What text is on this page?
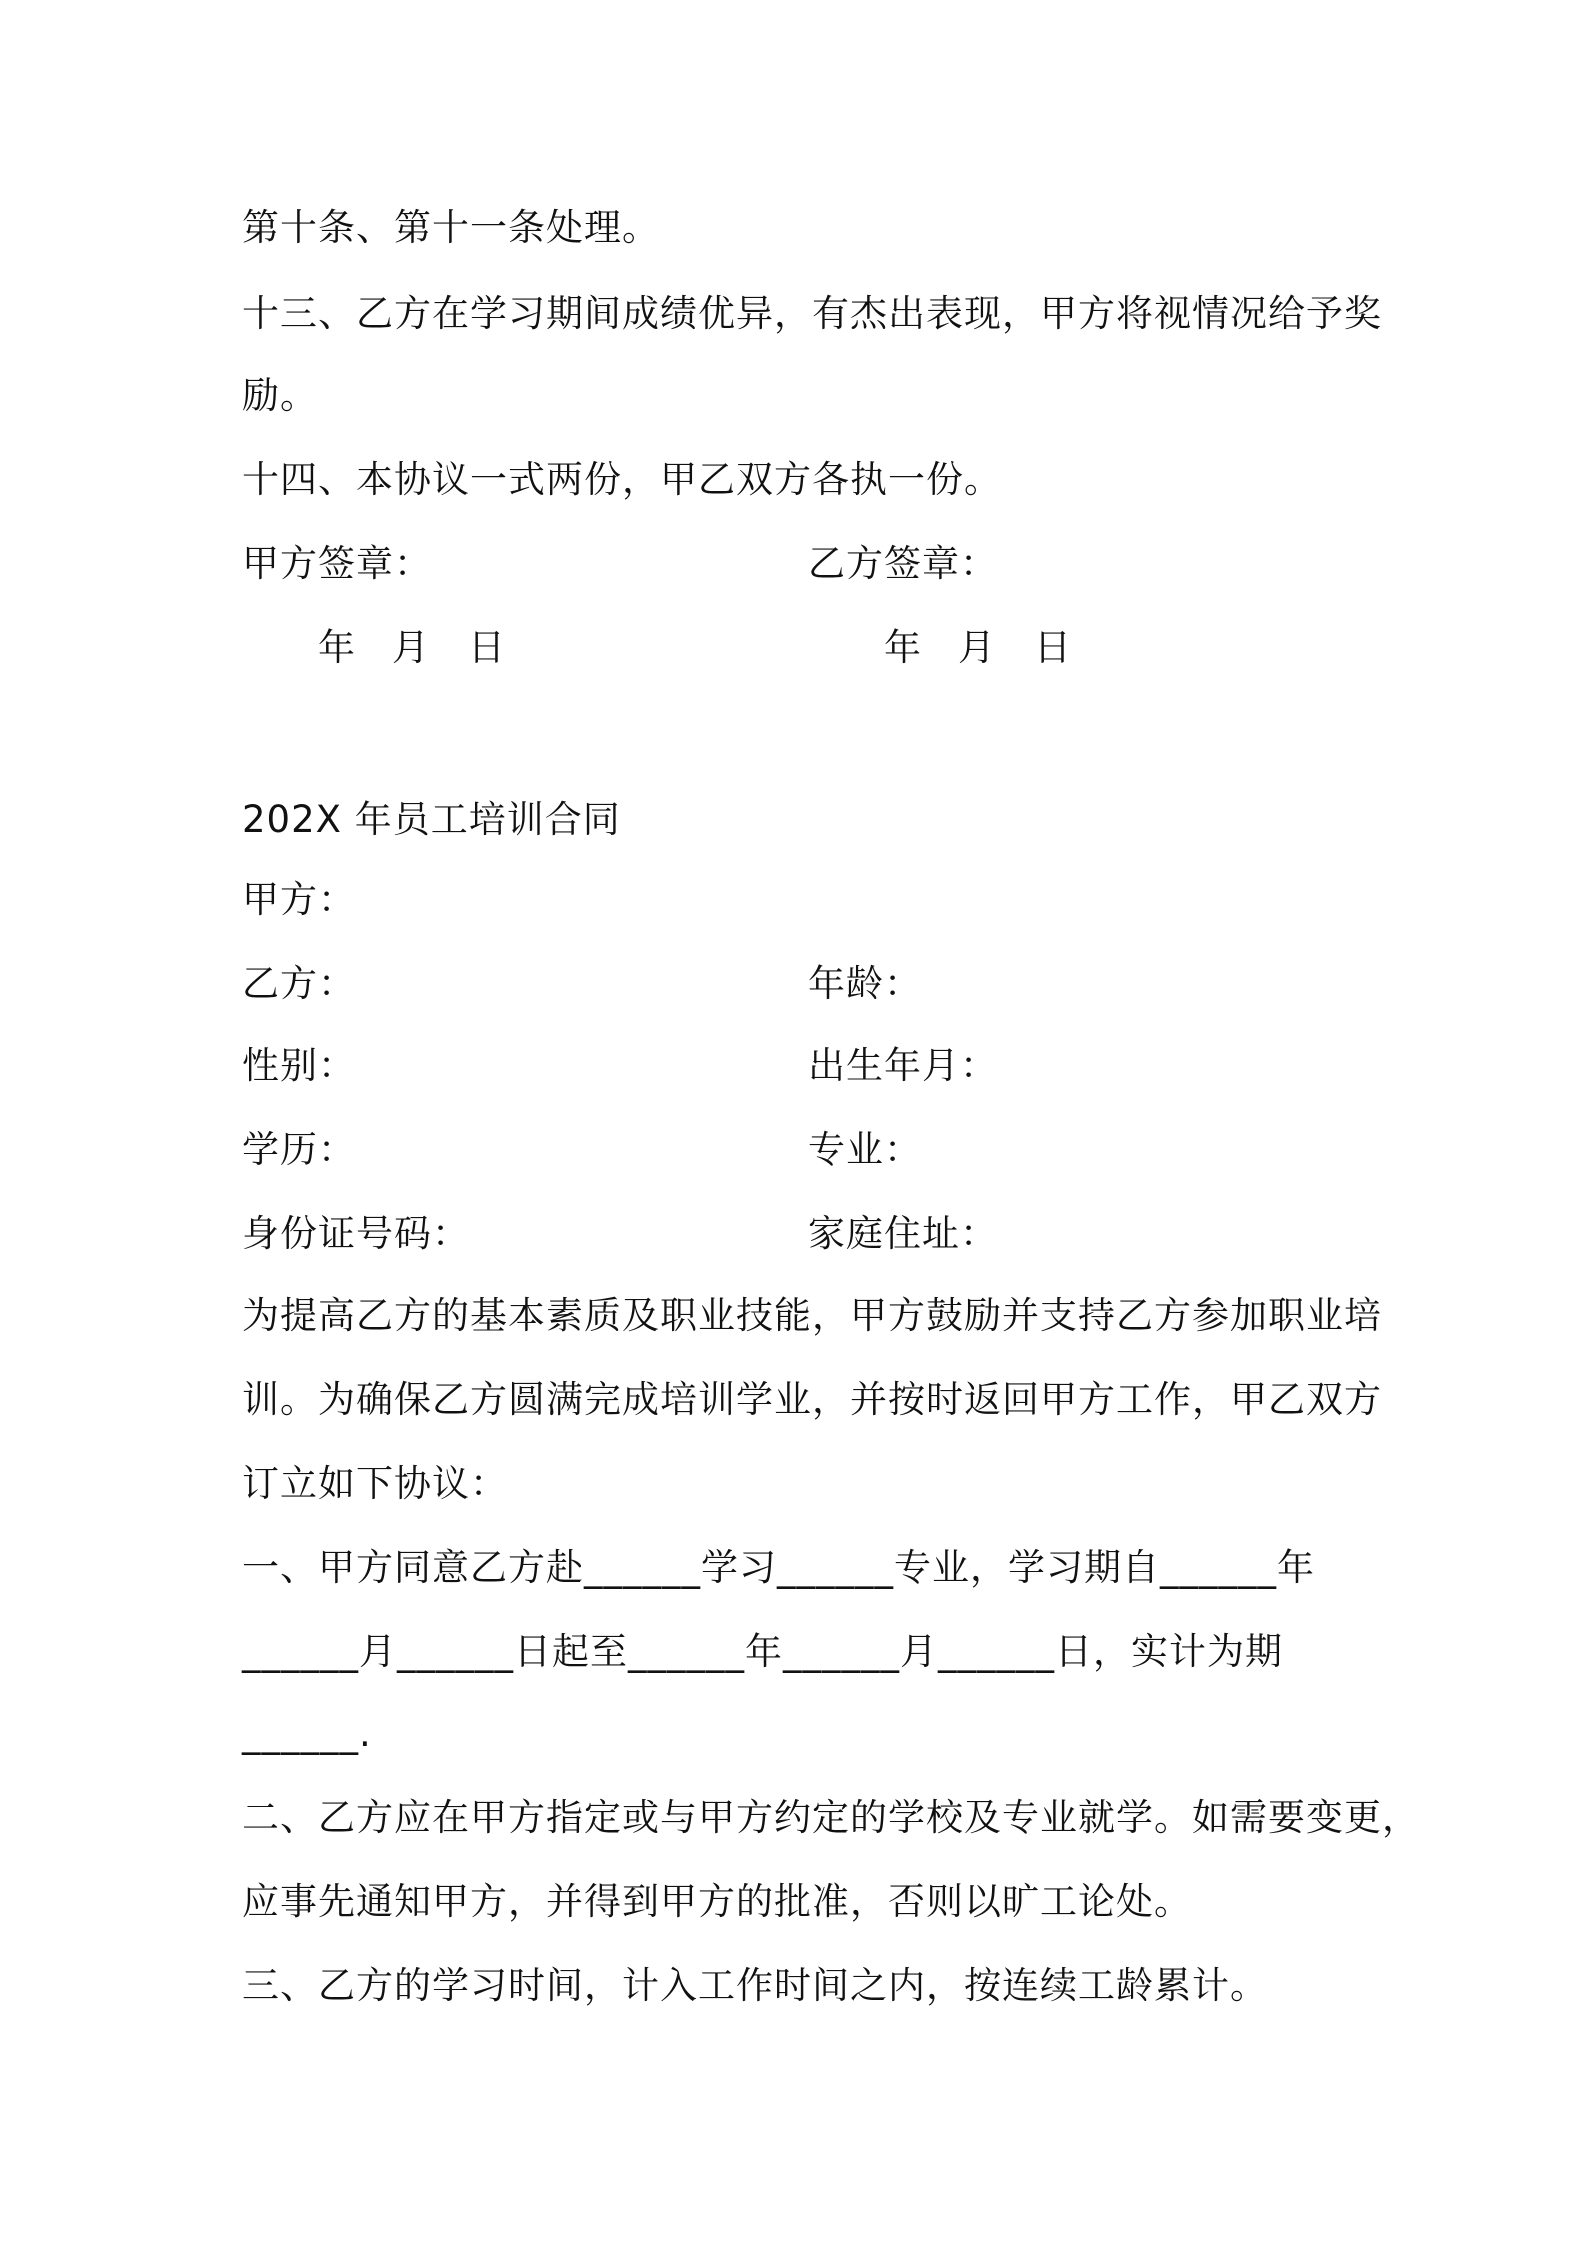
第十条、第十一条处理。
十三、乙方在学习期间成绩优异，有杰出表现，甲方将视情况给予奖
励。
十四、本协议一式两份，甲乙双方各执一份。
甲方签章：	乙方签章：
年 月 日	年 月 日
202X 年员工培训合同
甲方：
乙方：	年龄：
性别：	出生年月：
学历：	专业：
身份证号码：	家庭住址：
为提高乙方的基本素质及职业技能，甲方鼓励并支持乙方参加职业培
训。为确保乙方圆满完成培训学业，并按时返回甲方工作，甲乙双方
订立如下协议：
一、甲方同意乙方赴______学习______专业，学习期自______年
______月______日起至______年______月______日，实计为期
______.
二、乙方应在甲方指定或与甲方约定的学校及专业就学。如需要变更，
应事先通知甲方，并得到甲方的批准，否则以旷工论处。
三、乙方的学习时间，计入工作时间之内，按连续工龄累计。
